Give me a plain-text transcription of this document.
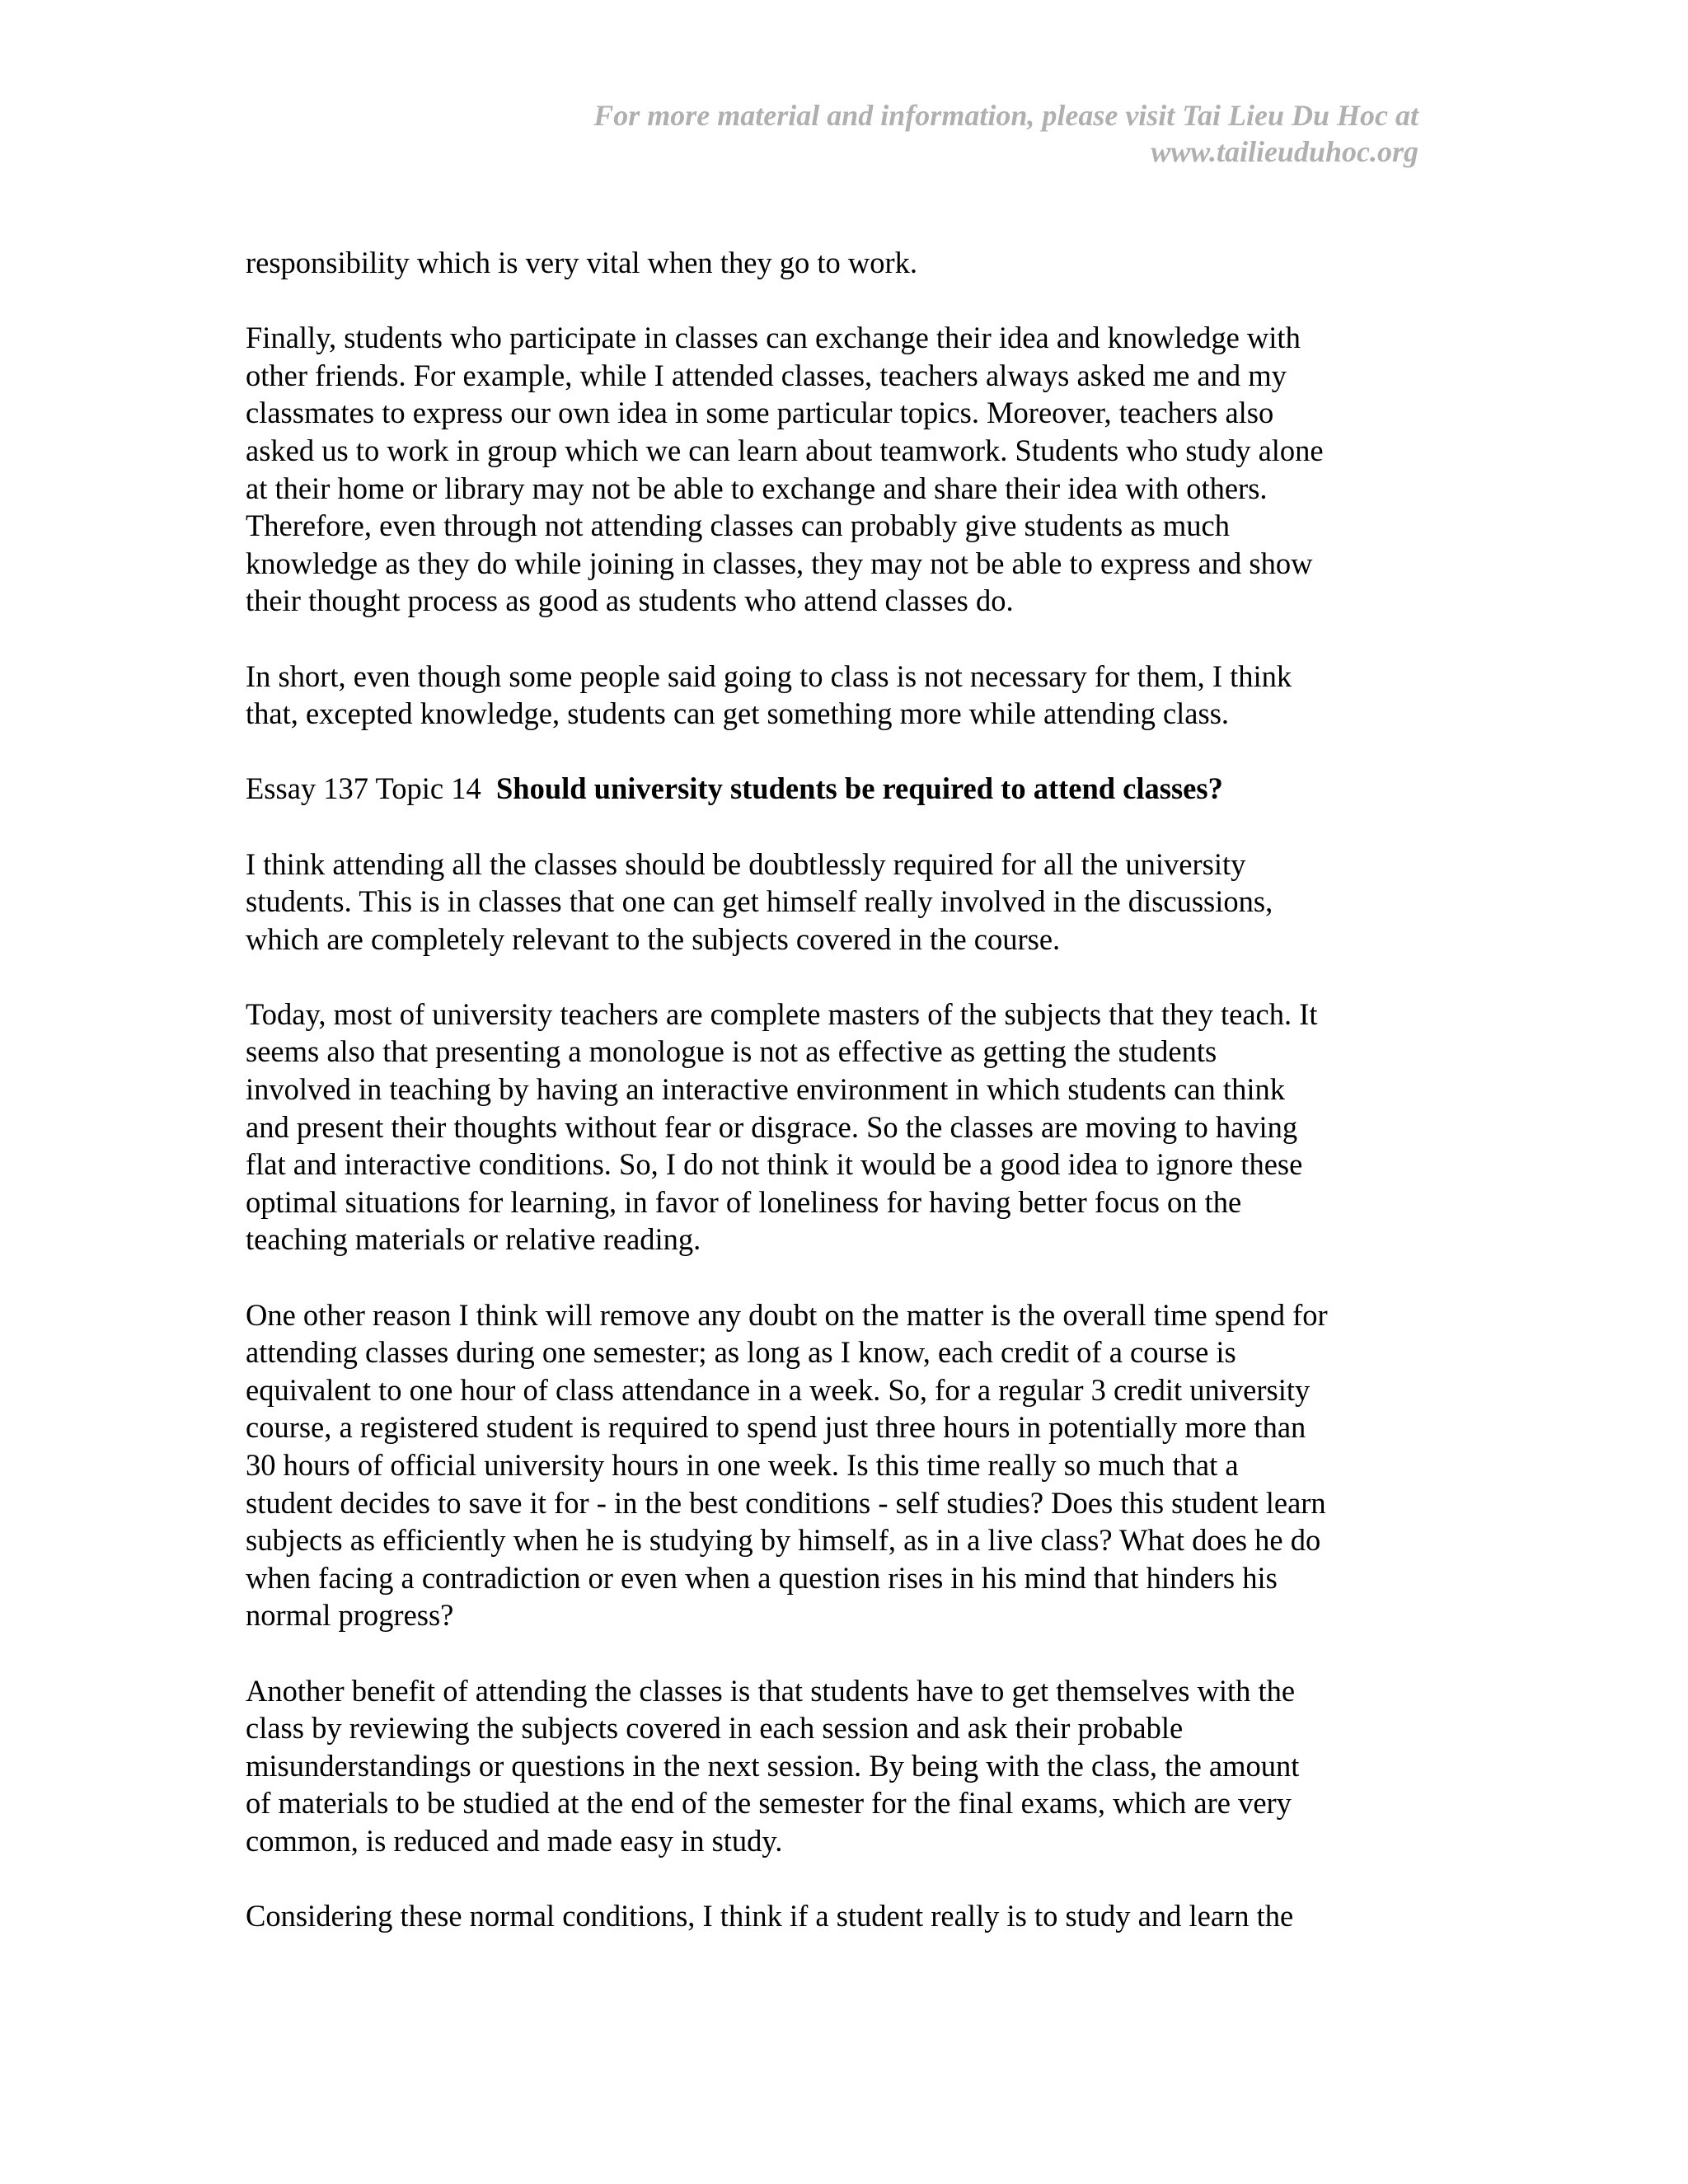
For more material and information, please visit Tai Lieu Du Hoc at
www.tailieuduhoc.org

responsibility which is very vital when they go to work.

Finally, students who participate in classes can exchange their idea and knowledge with
other friends. For example, while I attended classes, teachers always asked me and my
classmates to express our own idea in some particular topics. Moreover, teachers also
asked us to work in group which we can learn about teamwork. Students who study alone
at their home or library may not be able to exchange and share their idea with others.
Therefore, even through not attending classes can probably give students as much
knowledge as they do while joining in classes, they may not be able to express and show
their thought process as good as students who attend classes do.

In short, even though some people said going to class is not necessary for them, I think
that, excepted knowledge, students can get something more while attending class.

Essay 137 Topic 14 Should university students be required to attend classes?

I think attending all the classes should be doubtlessly required for all the university
students. This is in classes that one can get himself really involved in the discussions,
which are completely relevant to the subjects covered in the course.

Today, most of university teachers are complete masters of the subjects that they teach. It
seems also that presenting a monologue is not as effective as getting the students
involved in teaching by having an interactive environment in which students can think
and present their thoughts without fear or disgrace. So the classes are moving to having
flat and interactive conditions. So, I do not think it would be a good idea to ignore these
optimal situations for learning, in favor of loneliness for having better focus on the
teaching materials or relative reading.

One other reason I think will remove any doubt on the matter is the overall time spend for
attending classes during one semester; as long as I know, each credit of a course is
equivalent to one hour of class attendance in a week. So, for a regular 3 credit university
course, a registered student is required to spend just three hours in potentially more than
30 hours of official university hours in one week. Is this time really so much that a
student decides to save it for - in the best conditions - self studies? Does this student learn
subjects as efficiently when he is studying by himself, as in a live class? What does he do
when facing a contradiction or even when a question rises in his mind that hinders his
normal progress?

Another benefit of attending the classes is that students have to get themselves with the
class by reviewing the subjects covered in each session and ask their probable
misunderstandings or questions in the next session. By being with the class, the amount
of materials to be studied at the end of the semester for the final exams, which are very
common, is reduced and made easy in study.

Considering these normal conditions, I think if a student really is to study and learn the
